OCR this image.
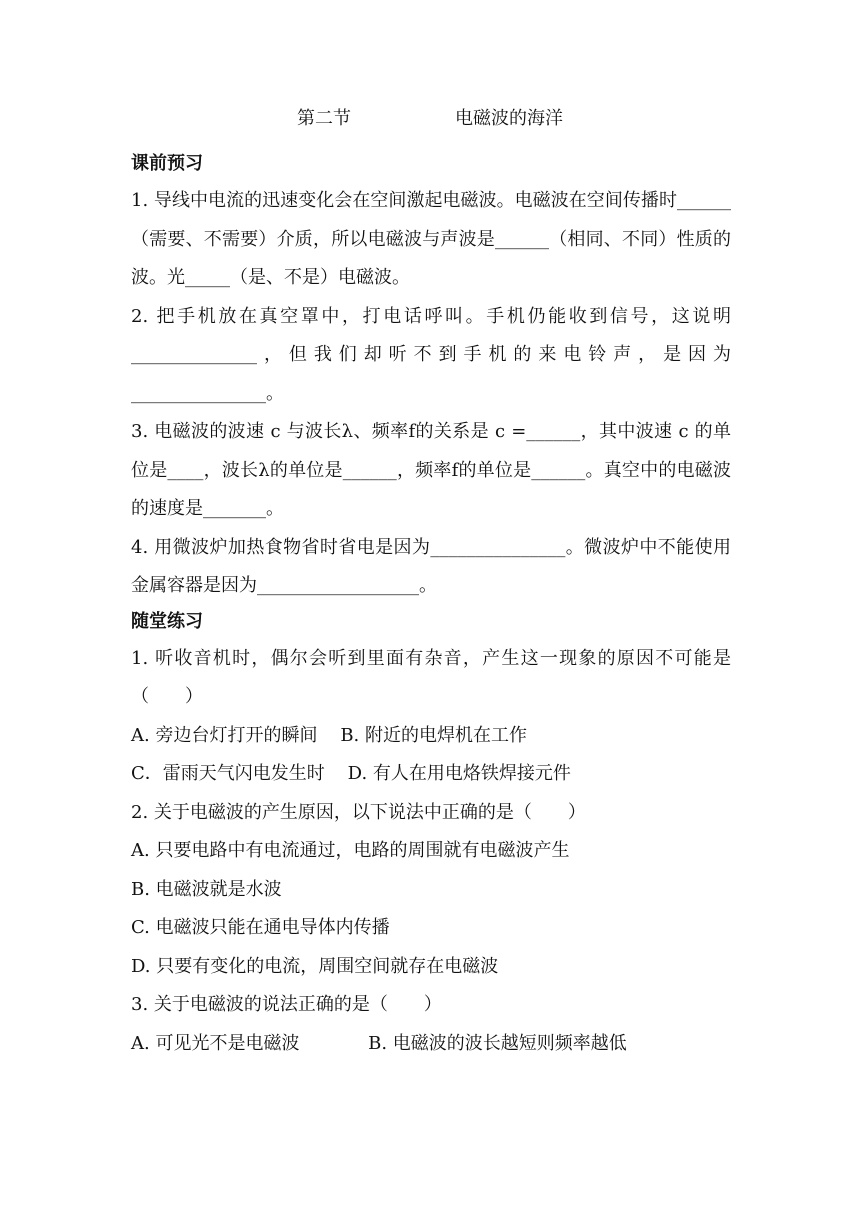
第二节	电磁波的海洋

课前预习

1. 导线中电流的迅速变化会在空间激起电磁波。电磁波在空间传播时______（需要、不需要）介质，所以电磁波与声波是______（相同、不同）性质的波。光_____（是、不是）电磁波。

2. 把手机放在真空罩中，打电话呼叫。手机仍能收到信号，这说明______________，但我们却听不到手机的来电铃声，是因为_______________。

3. 电磁波的波速 c 与波长λ、频率f的关系是 c =______，其中波速 c 的单位是____，波长λ的单位是______，频率f的单位是______。真空中的电磁波的速度是_______。

4. 用微波炉加热食物省时省电是因为_______________。微波炉中不能使用金属容器是因为__________________。

随堂练习

1. 听收音机时，偶尔会听到里面有杂音，产生这一现象的原因不可能是（　　）

A. 旁边台灯打开的瞬间    B. 附近的电焊机在工作

C．雷雨天气闪电发生时    D. 有人在用电烙铁焊接元件

2. 关于电磁波的产生原因，以下说法中正确的是（　　）

A. 只要电路中有电流通过，电路的周围就有电磁波产生

B. 电磁波就是水波

C. 电磁波只能在通电导体内传播

D. 只要有变化的电流，周围空间就存在电磁波

3. 关于电磁波的说法正确的是（　　）

A. 可见光不是电磁波            B. 电磁波的波长越短则频率越低
